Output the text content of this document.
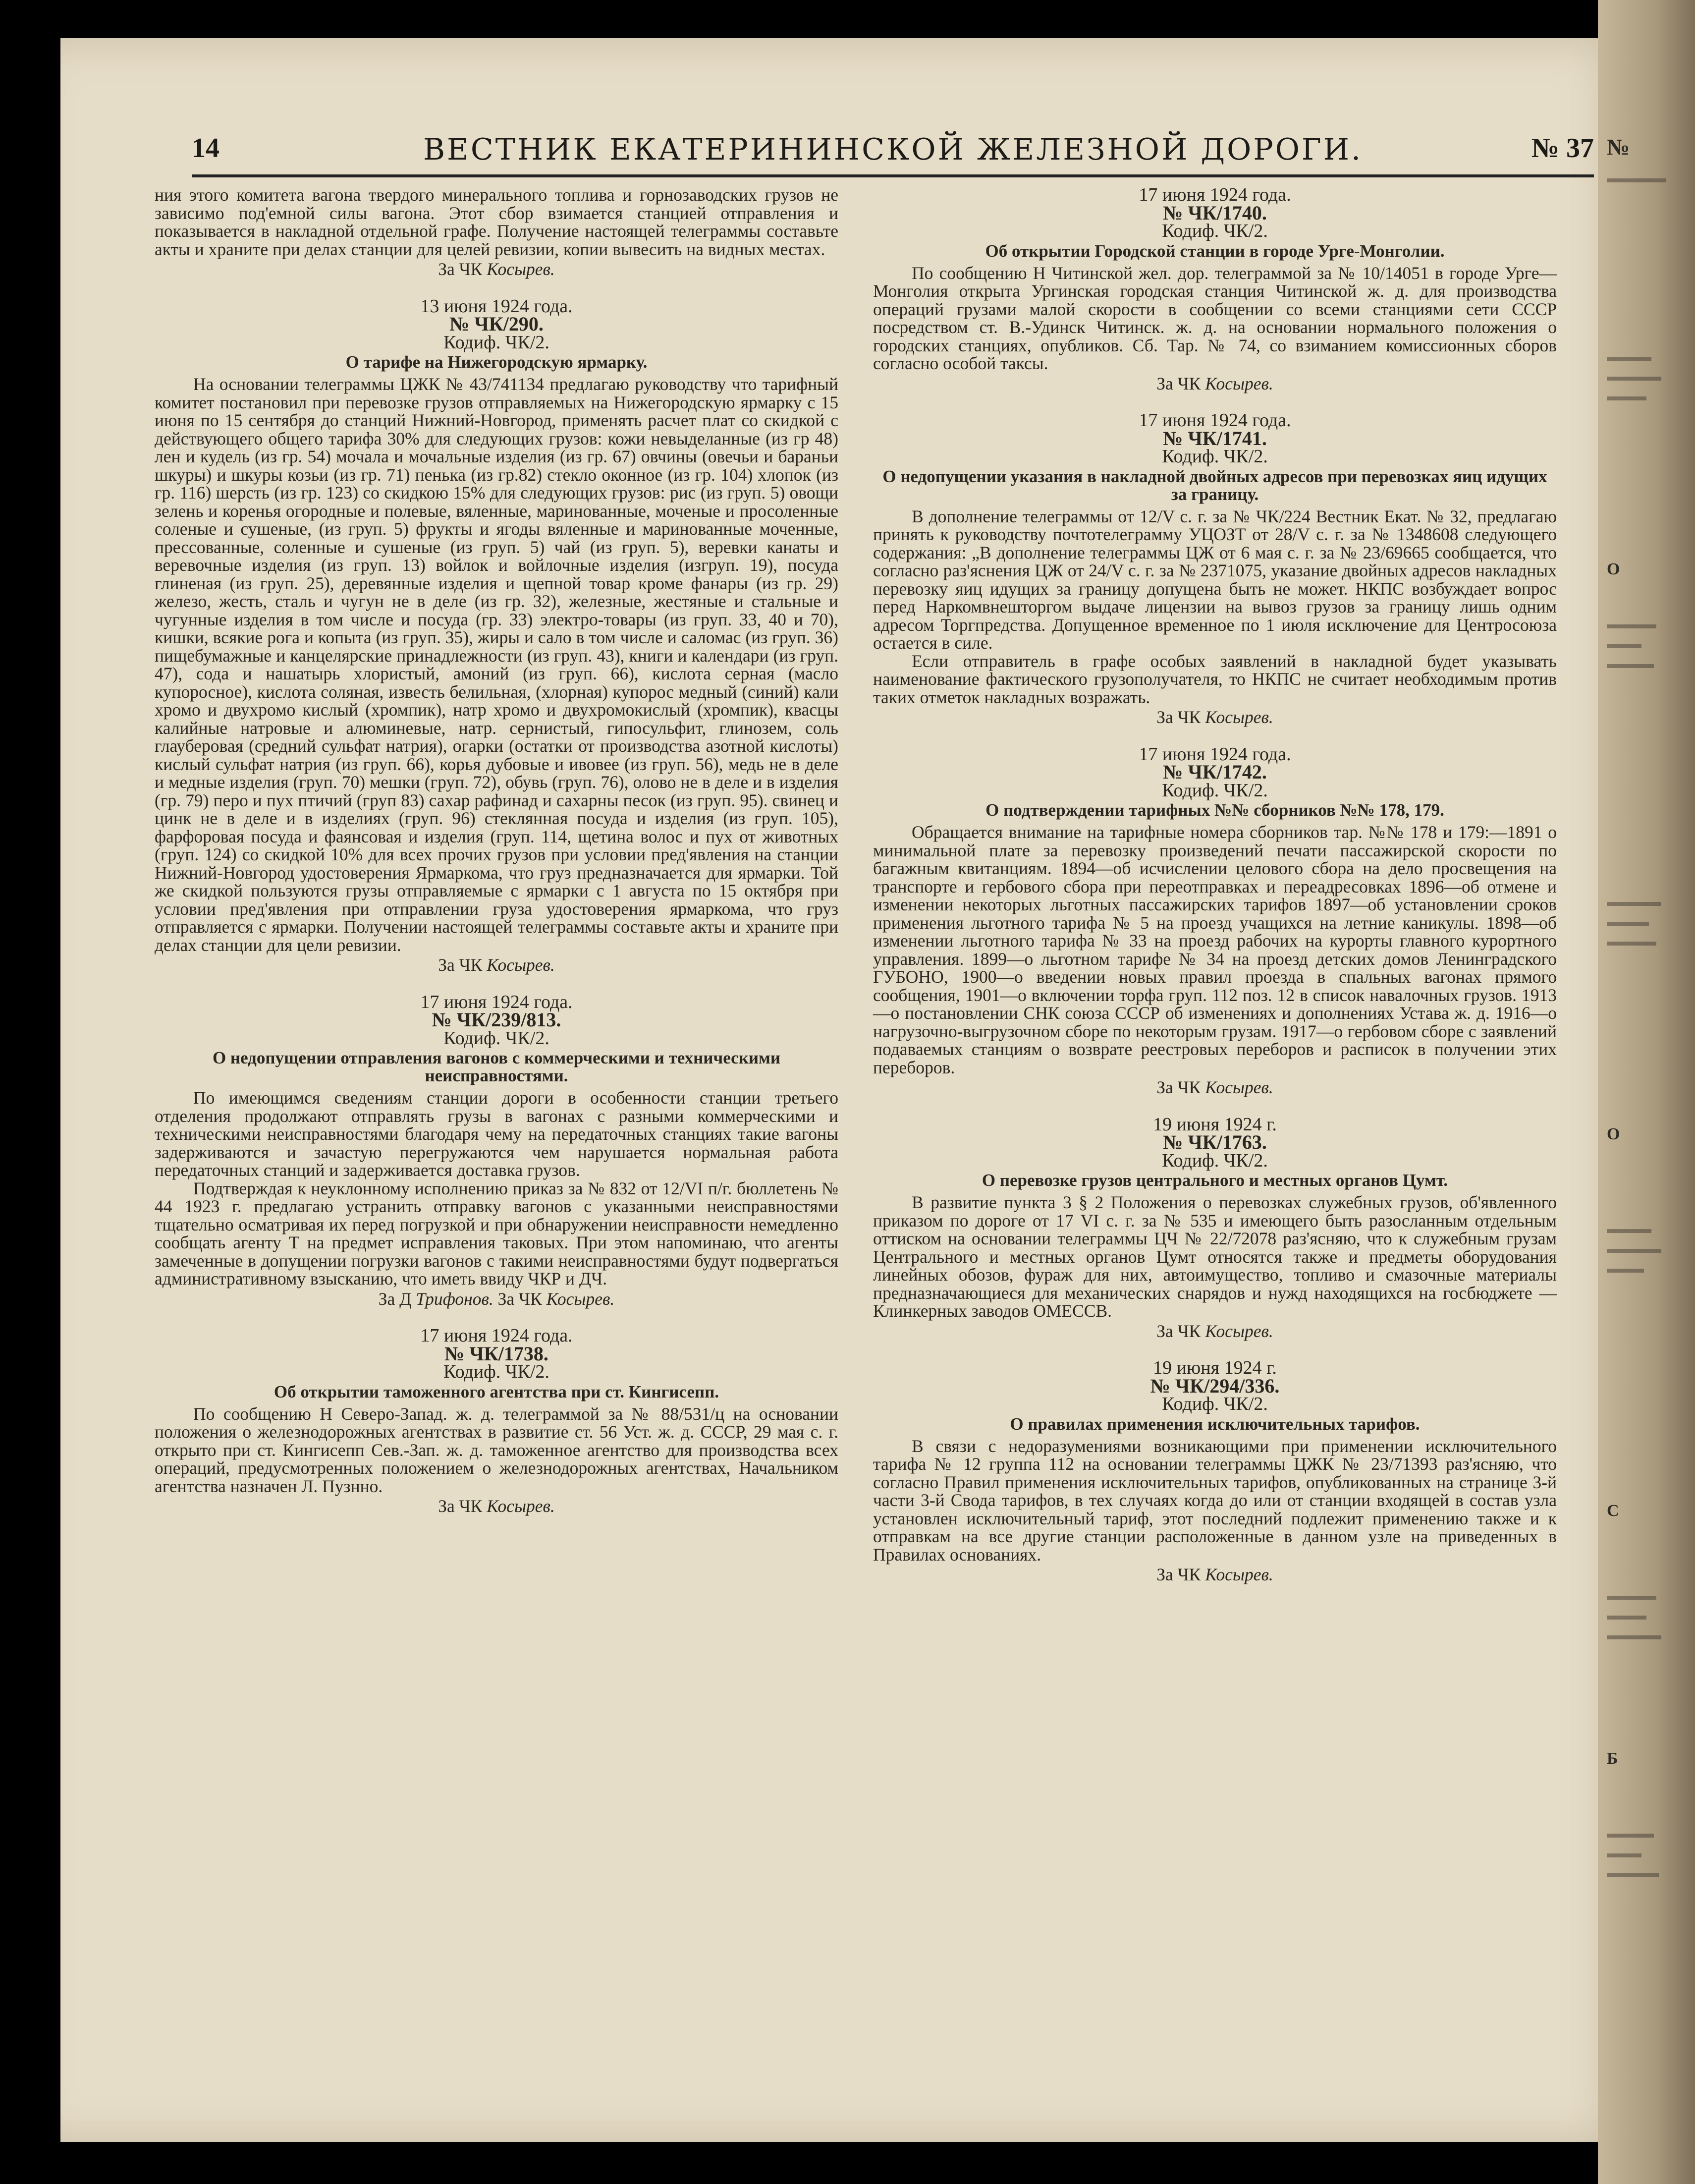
14	ВЕСТНИК ЕКАТЕРИНИНСКОЙ ЖЕЛЕЗНОЙ ДОРОГИ.	№ 37

ния этого комитета вагона твердого минерального топлива и горнозаводских грузов не зависимо под'емной силы вагона. Этот сбор взимается станцией отправления и показывается в накладной отдельной графе. Получение настоящей телеграммы составьте акты и храните при делах станции для целей ревизии, копии вывесить на видных местах.

За ЧК Косырев.

13 июня 1924 года.

№ ЧК/290.

Кодиф. ЧК/2.

О тарифе на Нижегородскую ярмарку.

На основании телеграммы ЦЖК № 43/741134 предлагаю руководству что тарифный комитет постановил при перевозке грузов отправляемых на Нижегородскую ярмарку с 15 июня по 15 сентября до станций Нижний-Новгород, применять расчет плат со скидкой с действующего общего тарифа 30% для следующих грузов: кожи невыделанные (из гр 48) лен и кудель (из гр. 54) мочала и мочальные изделия (из гр. 67) овчины (овечьи и бараньи шкуры) и шкуры козьи (из гр. 71) пенька (из гр.82) стекло оконное (из гр. 104) хлопок (из гр. 116) шерсть (из гр. 123) со скидкою 15% для следующих грузов: рис (из груп. 5) овощи зелень и коренья огородные и полевые, вяленные, маринованные, моченые и просоленные соленые и сушеные, (из груп. 5) фрукты и ягоды вяленные и маринованные моченные, прессованные, соленные и сушеные (из груп. 5) чай (из груп. 5), веревки канаты и веревочные изделия (из груп. 13) войлок и войлочные изделия (изгруп. 19), посуда глиненая (из груп. 25), деревянные изделия и щепной товар кроме фанары (из гр. 29) железо, жесть, сталь и чугун не в деле (из гр. 32), железные, жестяные и стальные и чугунные изделия в том числе и посуда (гр. 33) электро-товары (из груп. 33, 40 и 70), кишки, всякие рога и копыта (из груп. 35), жиры и сало в том числе и саломас (из груп. 36) пищебумажные и канцелярские принадлежности (из груп. 43), книги и календари (из груп. 47), сода и нашатырь хлористый, амоний (из груп. 66), кислота серная (масло купоросное), кислота соляная, известь белильная, (хлорная) купорос медный (синий) кали хромо и двухромо кислый (хромпик), натр хромо и двухромокислый (хромпик), квасцы калийные натровые и алюминевые, натр. сернистый, гипосульфит, глинозем, соль глауберовая (средний сульфат натрия), огарки (остатки от производства азотной кислоты) кислый сульфат натрия (из груп. 66), корья дубовые и ивовее (из груп. 56), медь не в деле и медные изделия (груп. 70) мешки (груп. 72), обувь (груп. 76), олово не в деле и в изделия (гр. 79) перо и пух птичий (груп 83) сахар рафинад и сахарны песок (из груп. 95). свинец и цинк не в деле и в изделиях (груп. 96) стеклянная посуда и изделия (из груп. 105), фарфоровая посуда и фаянсовая и изделия (груп. 114, щетина волос и пух от животных (груп. 124) со скидкой 10% для всех прочих грузов при условии пред'явления на станции Нижний-Новгород удостоверения Ярмаркома, что груз предназначается для ярмарки. Той же скидкой пользуются грузы отправляемые с ярмарки с 1 августа по 15 октября при условии пред'явления при отправлении груза удостоверения ярмаркома, что груз отправляется с ярмарки. Получении настоящей телеграммы составьте акты и храните при делах станции для цели ревизии.

За ЧК Косырев.

17 июня 1924 года.

№ ЧК/239/813.

Кодиф. ЧК/2.

О недопущении отправления вагонов с коммерческими и техническими неисправностями.

По имеющимся сведениям станции дороги в особенности станции третьего отделения продолжают отправлять грузы в вагонах с разными коммерческими и техническими неисправностями благодаря чему на передаточных станциях такие вагоны задерживаются и зачастую перегружаются чем нарушается нормальная работа передаточных станций и задерживается доставка грузов.

Подтверждая к неуклонному исполнению приказ за № 832 от 12/VI п/г. бюллетень № 44 1923 г. предлагаю устранить отправку вагонов с указанными неисправностями тщательно осматривая их перед погрузкой и при обнаружении неисправности немедленно сообщать агенту Т на предмет исправления таковых. При этом напоминаю, что агенты замеченные в допущении погрузки вагонов с такими неисправностями будут подвергаться административному взысканию, что иметь ввиду ЧКР и ДЧ.

За Д Трифонов. За ЧК Косырев.

17 июня 1924 года.

№ ЧК/1738.

Кодиф. ЧК/2.

Об открытии таможенного агентства при ст. Кингисепп.

По сообщению Н Северо-Запад. ж. д. телеграммой за № 88/531/ц на основании положения о железнодорожных агентствах в развитие ст. 56 Уст. ж. д. СССР, 29 мая с. г. открыто при ст. Кингисепп Сев.-Зап. ж. д. таможенное агентство для производства всех операций, предусмотренных положением о железнодорожных агентствах, Начальником агентства назначен Л. Пузнно.

За ЧК Косырев.

17 июня 1924 года.

№ ЧК/1740.

Кодиф. ЧК/2.

Об открытии Городской станции в городе Урге-Монголии.

По сообщению Н Читинской жел. дор. телеграммой за № 10/14051 в городе Урге—Монголия открыта Ургинская городская станция Читинской ж. д. для производства операций грузами малой скорости в сообщении со всеми станциями сети СССР посредством ст. В.-Удинск Читинск. ж. д. на основании нормального положения о городских станциях, опубликов. Сб. Тар. № 74, со взиманием комиссионных сборов согласно особой таксы.

За ЧК Косырев.

17 июня 1924 года.

№ ЧК/1741.

Кодиф. ЧК/2.

О недопущении указания в накладной двойных адресов при перевозках яиц идущих за границу.

В дополнение телеграммы от 12/V с. г. за № ЧК/224 Вестник Екат. № 32, предлагаю принять к руководству почтотелеграмму УЦОЗТ от 28/V с. г. за № 1348608 следующего содержания: „В дополнение телеграммы ЦЖ от 6 мая с. г. за № 23/69665 сообщается, что согласно раз'яснения ЦЖ от 24/V с. г. за № 2371075, указание двойных адресов накладных перевозку яиц идущих за границу допущена быть не может. НКПС возбуждает вопрос перед Наркомвнешторгом выдаче лицензии на вывоз грузов за границу лишь одним адресом Торгпредства. Допущенное временное по 1 июля исключение для Центросоюза остается в силе.

Если отправитель в графе особых заявлений в накладной будет указывать наименование фактического грузополучателя, то НКПС не считает необходимым против таких отметок накладных возражать.

За ЧК Косырев.

17 июня 1924 года.

№ ЧК/1742.

Кодиф. ЧК/2.

О подтверждении тарифных №№ сборников №№ 178, 179.

Обращается внимание на тарифные номера сборников тар. №№ 178 и 179:—1891 о минимальной плате за перевозку произведений печати пассажирской скорости по багажным квитанциям. 1894—об исчислении целового сбора на дело просвещения на транспорте и гербового сбора при переотправках и переадресовках 1896—об отмене и изменении некоторых льготных пассажирских тарифов 1897—об установлении сроков применения льготного тарифа № 5 на проезд учащихся на летние каникулы. 1898—об изменении льготного тарифа № 33 на проезд рабочих на курорты главного курортного управления. 1899—о льготном тарифе № 34 на проезд детских домов Ленинградского ГУБОНО, 1900—о введении новых правил проезда в спальных вагонах прямого сообщения, 1901—о включении торфа груп. 112 поз. 12 в список навалочных грузов. 1913—о постановлении СНК союза СССР об изменениях и дополнениях Устава ж. д. 1916—о нагрузочно-выгрузочном сборе по некоторым грузам. 1917—о гербовом сборе с заявлений подаваемых станциям о возврате реестровых переборов и расписок в получении этих переборов.

За ЧК Косырев.

19 июня 1924 г.

№ ЧК/1763.

Кодиф. ЧК/2.

О перевозке грузов центрального и местных органов Цумт.

В развитие пункта 3 § 2 Положения о перевозках служебных грузов, об'явленного приказом по дороге от 17 VI с. г. за № 535 и имеющего быть разосланным отдельным оттиском на основании телеграммы ЦЧ № 22/72078 раз'ясняю, что к служебным грузам Центрального и местных органов Цумт относятся также и предметы оборудования линейных обозов, фураж для них, автоимущество, топливо и смазочные материалы предназначающиеся для механических снарядов и нужд находящихся на госбюджете — Клинкерных заводов ОМЕССВ.

За ЧК Косырев.

19 июня 1924 г.

№ ЧК/294/336.

Кодиф. ЧК/2.

О правилах применения исключительных тарифов.

В связи с недоразумениями возникающими при применении исключительного тарифа № 12 группа 112 на основании телеграммы ЦЖК № 23/71393 раз'ясняю, что согласно Правил применения исключительных тарифов, опубликованных на странице 3-й части 3-й Свода тарифов, в тех случаях когда до или от станции входящей в состав узла установлен исключительный тариф, этот последний подлежит применению также и к отправкам на все другие станции расположенные в данном узле на приведенных в Правилах основаниях.

За ЧК Косырев.

№
О
О
С
Б
